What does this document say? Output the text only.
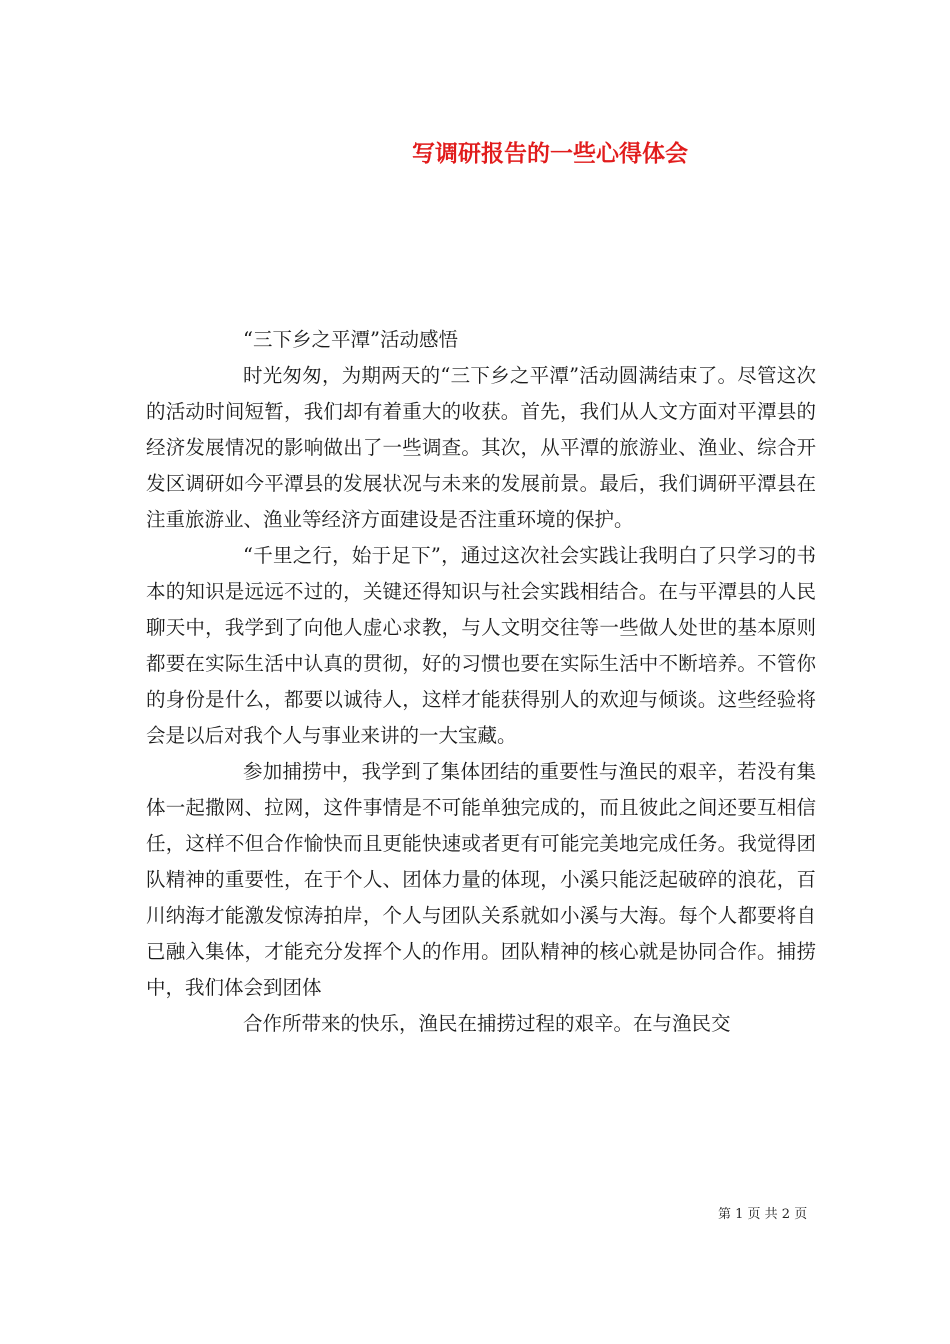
写调研报告的一些心得体会

“三下乡之平潭”活动感悟

时光匆匆，为期两天的“三下乡之平潭”活动圆满结束了。尽管这次的活动时间短暂，我们却有着重大的收获。首先，我们从人文方面对平潭县的经济发展情况的影响做出了一些调查。其次，从平潭的旅游业、渔业、综合开发区调研如今平潭县的发展状况与未来的发展前景。最后，我们调研平潭县在注重旅游业、渔业等经济方面建设是否注重环境的保护。

“千里之行，始于足下”，通过这次社会实践让我明白了只学习的书本的知识是远远不过的，关键还得知识与社会实践相结合。在与平潭县的人民聊天中，我学到了向他人虚心求教，与人文明交往等一些做人处世的基本原则都要在实际生活中认真的贯彻，好的习惯也要在实际生活中不断培养。不管你的身份是什么，都要以诚待人，这样才能获得别人的欢迎与倾谈。这些经验将会是以后对我个人与事业来讲的一大宝藏。

参加捕捞中，我学到了集体团结的重要性与渔民的艰辛，若没有集体一起撒网、拉网，这件事情是不可能单独完成的，而且彼此之间还要互相信任，这样不但合作愉快而且更能快速或者更有可能完美地完成任务。我觉得团队精神的重要性，在于个人、团体力量的体现，小溪只能泛起破碎的浪花，百川纳海才能激发惊涛拍岸，个人与团队关系就如小溪与大海。每个人都要将自已融入集体，才能充分发挥个人的作用。团队精神的核心就是协同合作。捕捞中，我们体会到团体

合作所带来的快乐，渔民在捕捞过程的艰辛。在与渔民交

第 1 页 共 2 页
